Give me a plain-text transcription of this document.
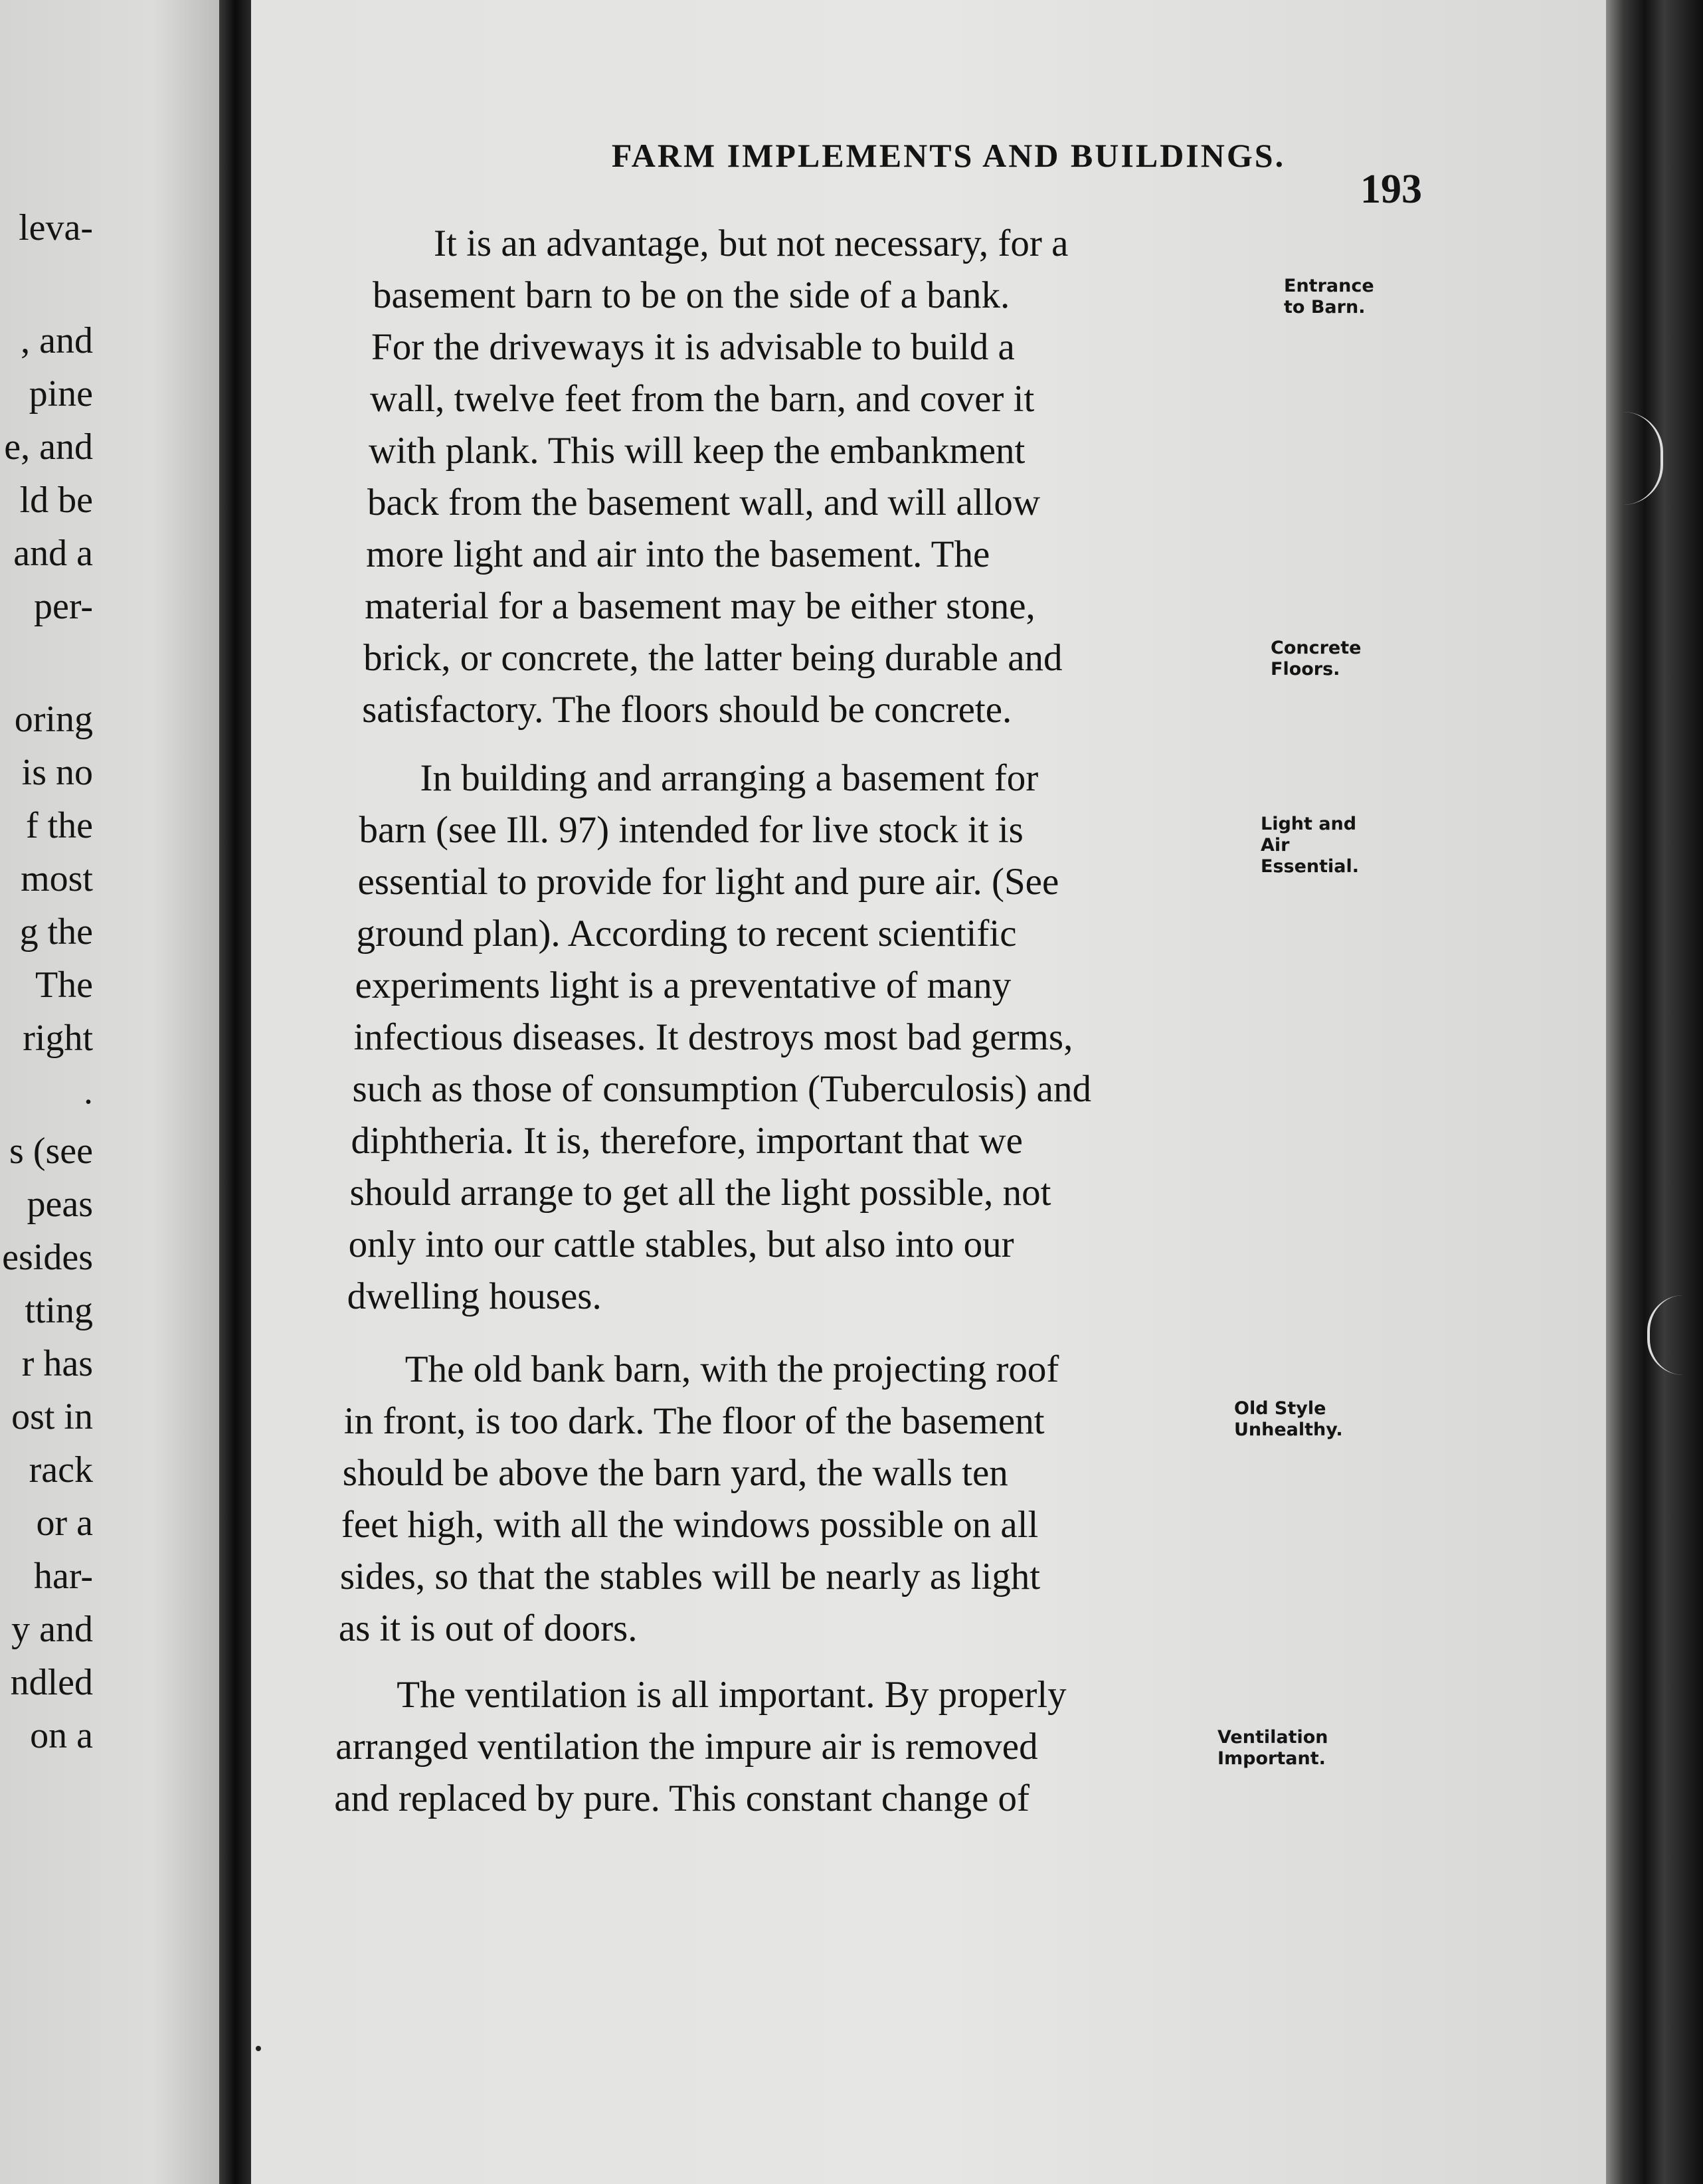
leva-
, and
pine
e, and
ld be
and a
per-
oring
is no
f the
most
g the
The
right
.
s (see
peas
esides
tting
r has
ost in
rack
or a
har-
y and
ndled
on a
FARM IMPLEMENTS AND BUILDINGS.
193
It is an advantage, but not necessary, for a
basement barn to be on the side of a bank.
For the driveways it is advisable to build a
wall, twelve feet from the barn, and cover it
with plank. This will keep the embankment
back from the basement wall, and will allow
more light and air into the basement. The
material for a basement may be either stone,
brick, or concrete, the latter being durable and
satisfactory. The floors should be concrete.
In building and arranging a basement for
barn (see Ill. 97) intended for live stock it is
essential to provide for light and pure air. (See
ground plan). According to recent scientific
experiments light is a preventative of many
infectious diseases. It destroys most bad germs,
such as those of consumption (Tuberculosis) and
diphtheria. It is, therefore, important that we
should arrange to get all the light possible, not
only into our cattle stables, but also into our
dwelling houses.
The old bank barn, with the projecting roof
in front, is too dark. The floor of the basement
should be above the barn yard, the walls ten
feet high, with all the windows possible on all
sides, so that the stables will be nearly as light
as it is out of doors.
The ventilation is all important. By properly
arranged ventilation the impure air is removed
and replaced by pure. This constant change of
Entrance
to Barn.
Concrete
Floors.
Light and
Air
Essential.
Old Style
Unhealthy.
Ventilation
Important.
